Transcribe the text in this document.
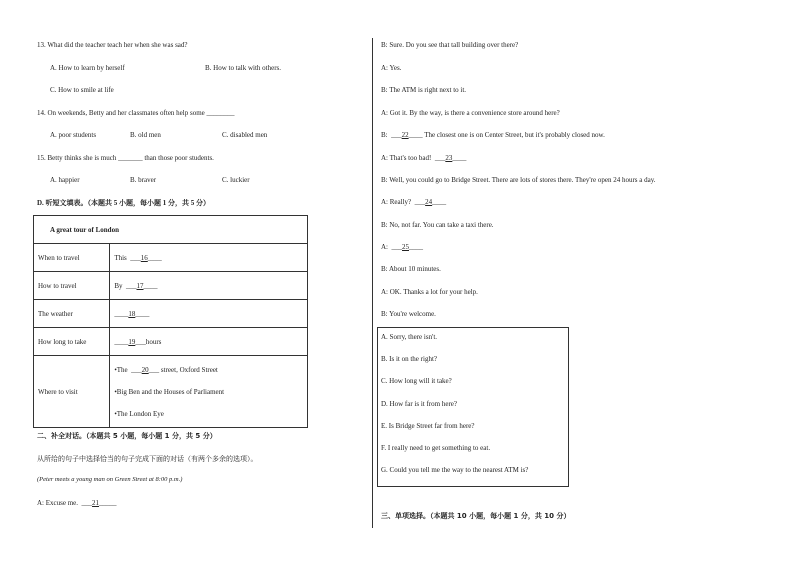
13. What did the teacher teach her when she was sad?
A. How to learn by herself	B. How to talk with others.
C. How to smile at life
14. On weekends, Betty and her classmates often help some ________
A. poor students	B. old men	C. disabled men
15. Betty thinks she is much _______ than those poor students.
A. happier	B. braver	C. luckier
D. 听短文填表。（本题共 5 小题，每小题 1 分，共 5 分）
A great tour of London	
When to travel	This  ___16____
How to travel	By  ___17____
The weather	____18____
How long to take	____19___hours
Where to visit	•The  ___20___ street, Oxford Street
•Big Ben and the Houses of Parliament
•The London Eye
二、补全对话。（本题共 5 小题，每小题 1 分，共 5 分）
从所给的句子中选择恰当的句子完成下面的对话（有两个多余的选项）。
(Peter meets a young man on Green Street at 8:00 p.m.)
A: Excuse me.  ___21_____
B: Sure. Do you see that tall building over there?
A: Yes.
B: The ATM is right next to it.
A: Got it. By the way, is there a convenience store around here?
B:  ___22____ The closest one is on Center Street, but it's probably closed now.
A: That's too bad!  ___23____
B: Well, you could go to Bridge Street. There are lots of stores there. They're open 24 hours a day.
A: Really?  ___24____
B: No, not far. You can take a taxi there.
A:  ___25____
B: About 10 minutes.
A: OK. Thanks a lot for your help.
B: You're welcome.
A. Sorry, there isn't.
B. Is it on the right?
C. How long will it take?
D. How far is it from here?
E. Is Bridge Street far from here?
F. I really need to get something to eat.
G. Could you tell me the way to the nearest ATM is?
三、单项选择。（本题共 10 小题，每小题 1 分，共 10 分）
